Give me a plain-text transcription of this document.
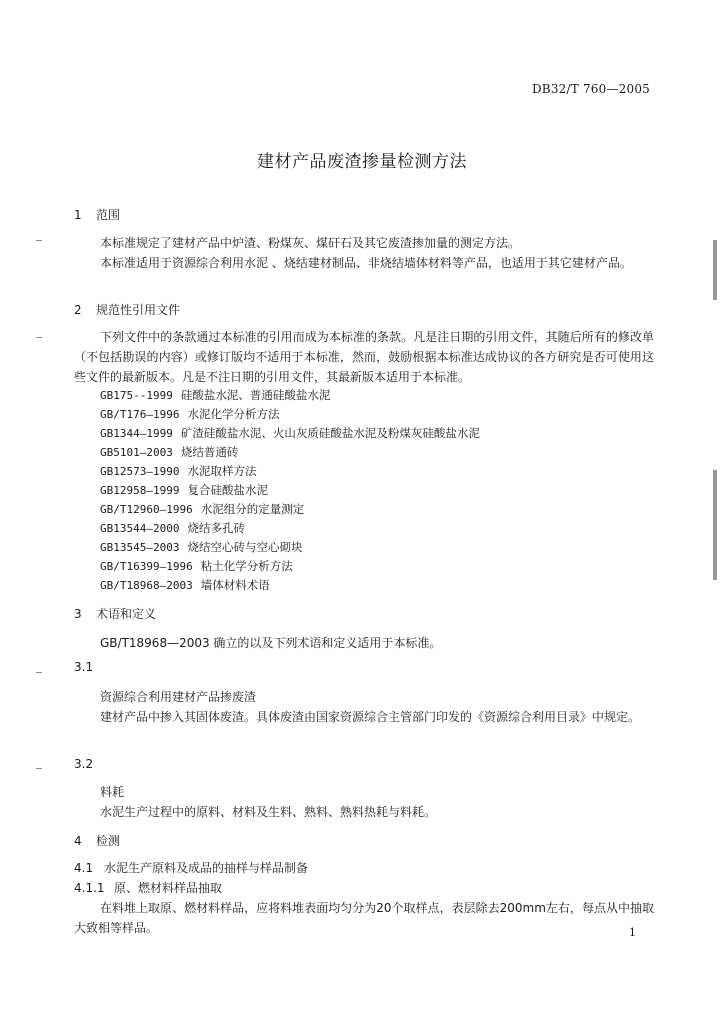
DB32/T 760—2005
建材产品废渣掺量检测方法
1 范围
本标准规定了建材产品中炉渣、粉煤灰、煤矸石及其它废渣掺加量的测定方法。
本标准适用于资源综合利用水泥 、烧结建材制品、非烧结墙体材料等产品，也适用于其它建材产品。
2 规范性引用文件
下列文件中的条款通过本标准的引用而成为本标准的条款。凡是注日期的引用文件，其随后所有的修改单（不包括勘误的内容）或修订版均不适用于本标准，然而，鼓励根据本标准达成协议的各方研究是否可使用这些文件的最新版本。凡是不注日期的引用文件，其最新版本适用于本标准。
GB175--1999 硅酸盐水泥、普通硅酸盐水泥
GB/T176—1996 水泥化学分析方法
GB1344—1999 矿渣硅酸盐水泥、火山灰质硅酸盐水泥及粉煤灰硅酸盐水泥
GB5101—2003 烧结普通砖
GB12573—1990 水泥取样方法
GB12958—1999 复合硅酸盐水泥
GB/T12960—1996 水泥组分的定量测定
GB13544—2000 烧结多孔砖
GB13545—2003 烧结空心砖与空心砌块
GB/T16399—1996 粘土化学分析方法
GB/T18968—2003 墙体材料术语
3 术语和定义
GB/T18968—2003 确立的以及下列术语和定义适用于本标准。
3.1
资源综合利用建材产品掺废渣
建材产品中掺入其固体废渣。具体废渣由国家资源综合主管部门印发的《资源综合利用目录》中规定。
3.2
料耗
水泥生产过程中的原料、材料及生料、熟料、熟料热耗与料耗。
4 检测
4.1 水泥生产原料及成品的抽样与样品制备
4.1.1 原、燃材料样品抽取
在料堆上取原、燃材料样品，应将料堆表面均匀分为20个取样点，表层除去200mm左右，每点从中抽取大致相等样品。	1
